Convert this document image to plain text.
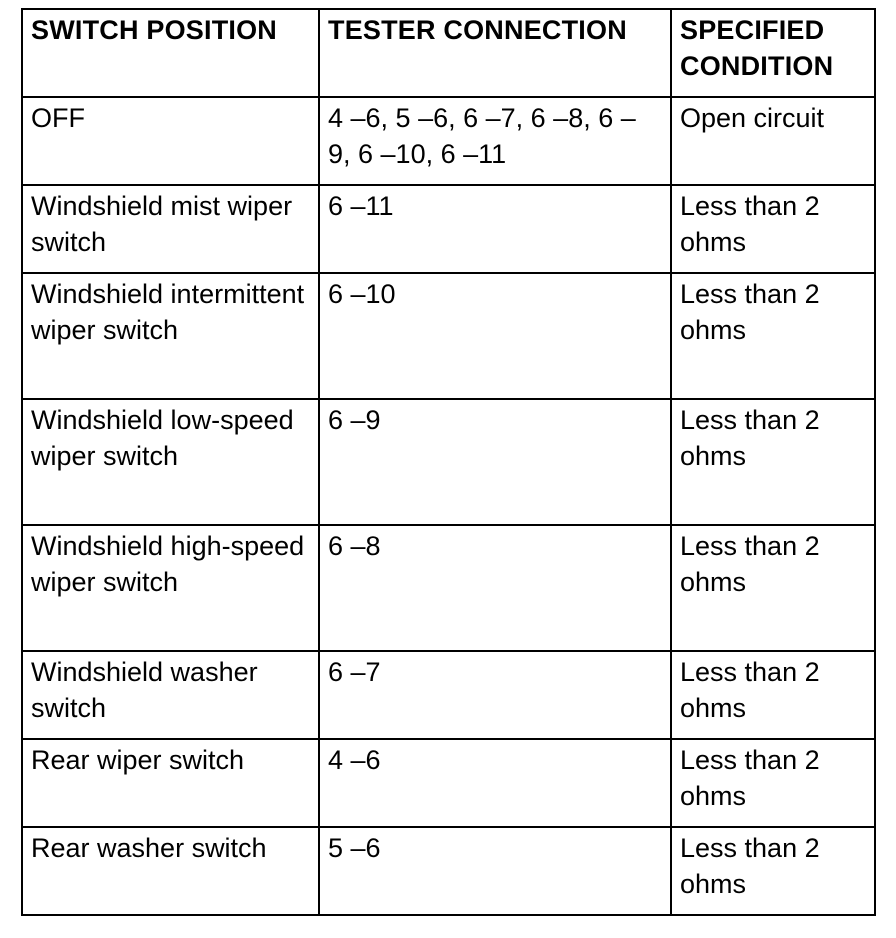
SWITCH POSITION	TESTER CONNECTION	SPECIFIED CONDITION
OFF	4 –6, 5 –6, 6 –7, 6 –8, 6 – 9, 6 –10, 6 –11	Open circuit
Windshield mist wiper switch	6 –11	Less than 2 ohms
Windshield intermittent wiper switch	6 –10	Less than 2 ohms
Windshield low-speed wiper switch	6 –9	Less than 2 ohms
Windshield high-speed wiper switch	6 –8	Less than 2 ohms
Windshield washer switch	6 –7	Less than 2 ohms
Rear wiper switch	4 –6	Less than 2 ohms
Rear washer switch	5 –6	Less than 2 ohms
